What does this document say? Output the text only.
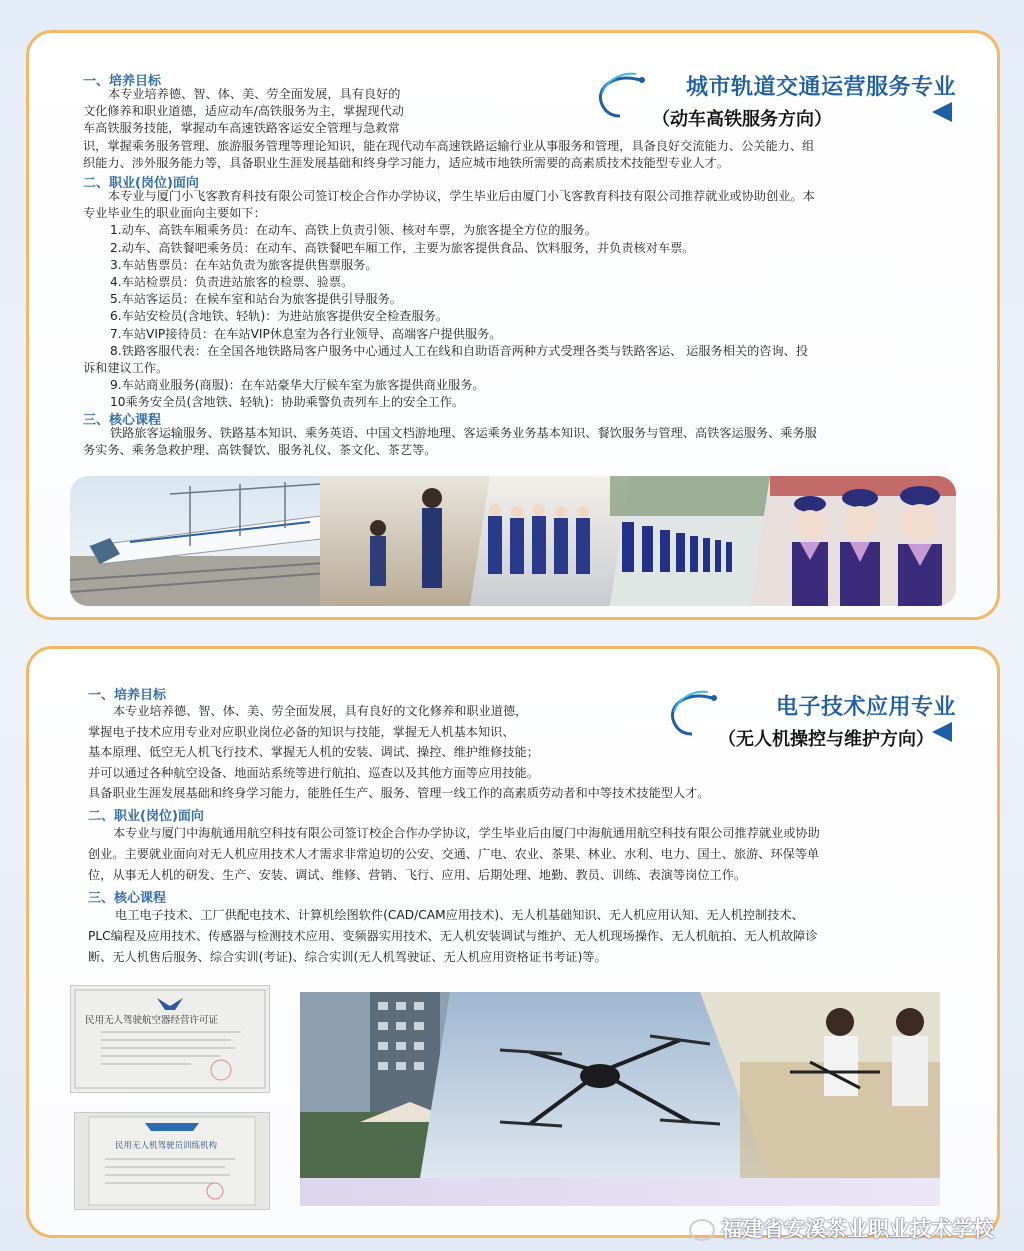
城市轨道交通运营服务专业
（动车高铁服务方向）
一、培养目标
本专业培养德、智、体、美、劳全面发展，具有良好的
文化修养和职业道德，适应动车/高铁服务为主，掌握现代动
车高铁服务技能，掌握动车高速铁路客运安全管理与急救常
识，掌握乘务服务管理、旅游服务管理等理论知识，能在现代动车高速铁路运输行业从事服务和管理，具备良好交流能力、公关能力、组
织能力、涉外服务能力等，具备职业生涯发展基础和终身学习能力，适应城市地铁所需要的高素质技术技能型专业人才。
二、职业(岗位)面向
本专业与厦门小飞客教育科技有限公司签订校企合作办学协议，学生毕业后由厦门小飞客教育科技有限公司推荐就业或协助创业。本
专业毕业生的职业面向主要如下：
1.动车、高铁车厢乘务员：在动车、高铁上负责引领、核对车票，为旅客提全方位的服务。
2.动车、高铁餐吧乘务员：在动车、高铁餐吧车厢工作，主要为旅客提供食品、饮料服务，并负责核对车票。
3.车站售票员：在车站负责为旅客提供售票服务。
4.车站检票员：负责进站旅客的检票、验票。
5.车站客运员：在候车室和站台为旅客提供引导服务。
6.车站安检员(含地铁、轻轨)：为进站旅客提供安全检查服务。
7.车站VIP接待员：在车站VIP休息室为各行业领导、高端客户提供服务。
8.铁路客服代表：在全国各地铁路局客户服务中心通过人工在线和自助语音两种方式受理各类与铁路客运、 运服务相关的咨询、投
诉和建议工作。
9.车站商业服务(商服)：在车站豪华大厅候车室为旅客提供商业服务。
10乘务安全员(含地铁、轻轨)：协助乘警负责列车上的安全工作。
三、核心课程
铁路旅客运输服务、铁路基本知识、乘务英语、中国文档游地理、客运乘务业务基本知识、餐饮服务与管理、高铁客运服务、乘务服
务实务、乘务急救护理、高铁餐饮、服务礼仪、茶文化、茶艺等。
电子技术应用专业
（无人机操控与维护方向）
一、培养目标
本专业培养德、智、体、美、劳全面发展，具有良好的文化修养和职业道德，
掌握电子技术应用专业对应职业岗位必备的知识与技能，掌握无人机基本知识、
基本原理、低空无人机飞行技术、掌握无人机的安装、调试、操控、维护维修技能；
并可以通过各种航空设备、地面站系统等进行航拍、巡查以及其他方面等应用技能。
具备职业生涯发展基础和终身学习能力，能胜任生产、服务、管理一线工作的高素质劳动者和中等技术技能型人才。
二、职业(岗位)面向
本专业与厦门中海航通用航空科技有限公司签订校企合作办学协议，学生毕业后由厦门中海航通用航空科技有限公司推荐就业或协助
创业。主要就业面向对无人机应用技术人才需求非常迫切的公安、交通、广电、农业、茶果、林业、水利、电力、国土、旅游、环保等单
位，从事无人机的研发、生产、安装、调试、维修、营销、飞行、应用、后期处理、地勤、教员、训练、表演等岗位工作。
三、核心课程
电工电子技术、工厂供配电技术、计算机绘图软件(CAD/CAM应用技术)、无人机基础知识、无人机应用认知、无人机控制技术、
PLC编程及应用技术、传感器与检测技术应用、变频器实用技术、无人机安装调试与维护、无人机现场操作、无人机航拍、无人机故障诊
断、无人机售后服务、综合实训(考证)、综合实训(无人机驾驶证、无人机应用资格证书考证)等。
民用无人驾驶航空器经营许可证
民用无人机驾驶员训练机构
福建省安溪茶业职业技术学校
